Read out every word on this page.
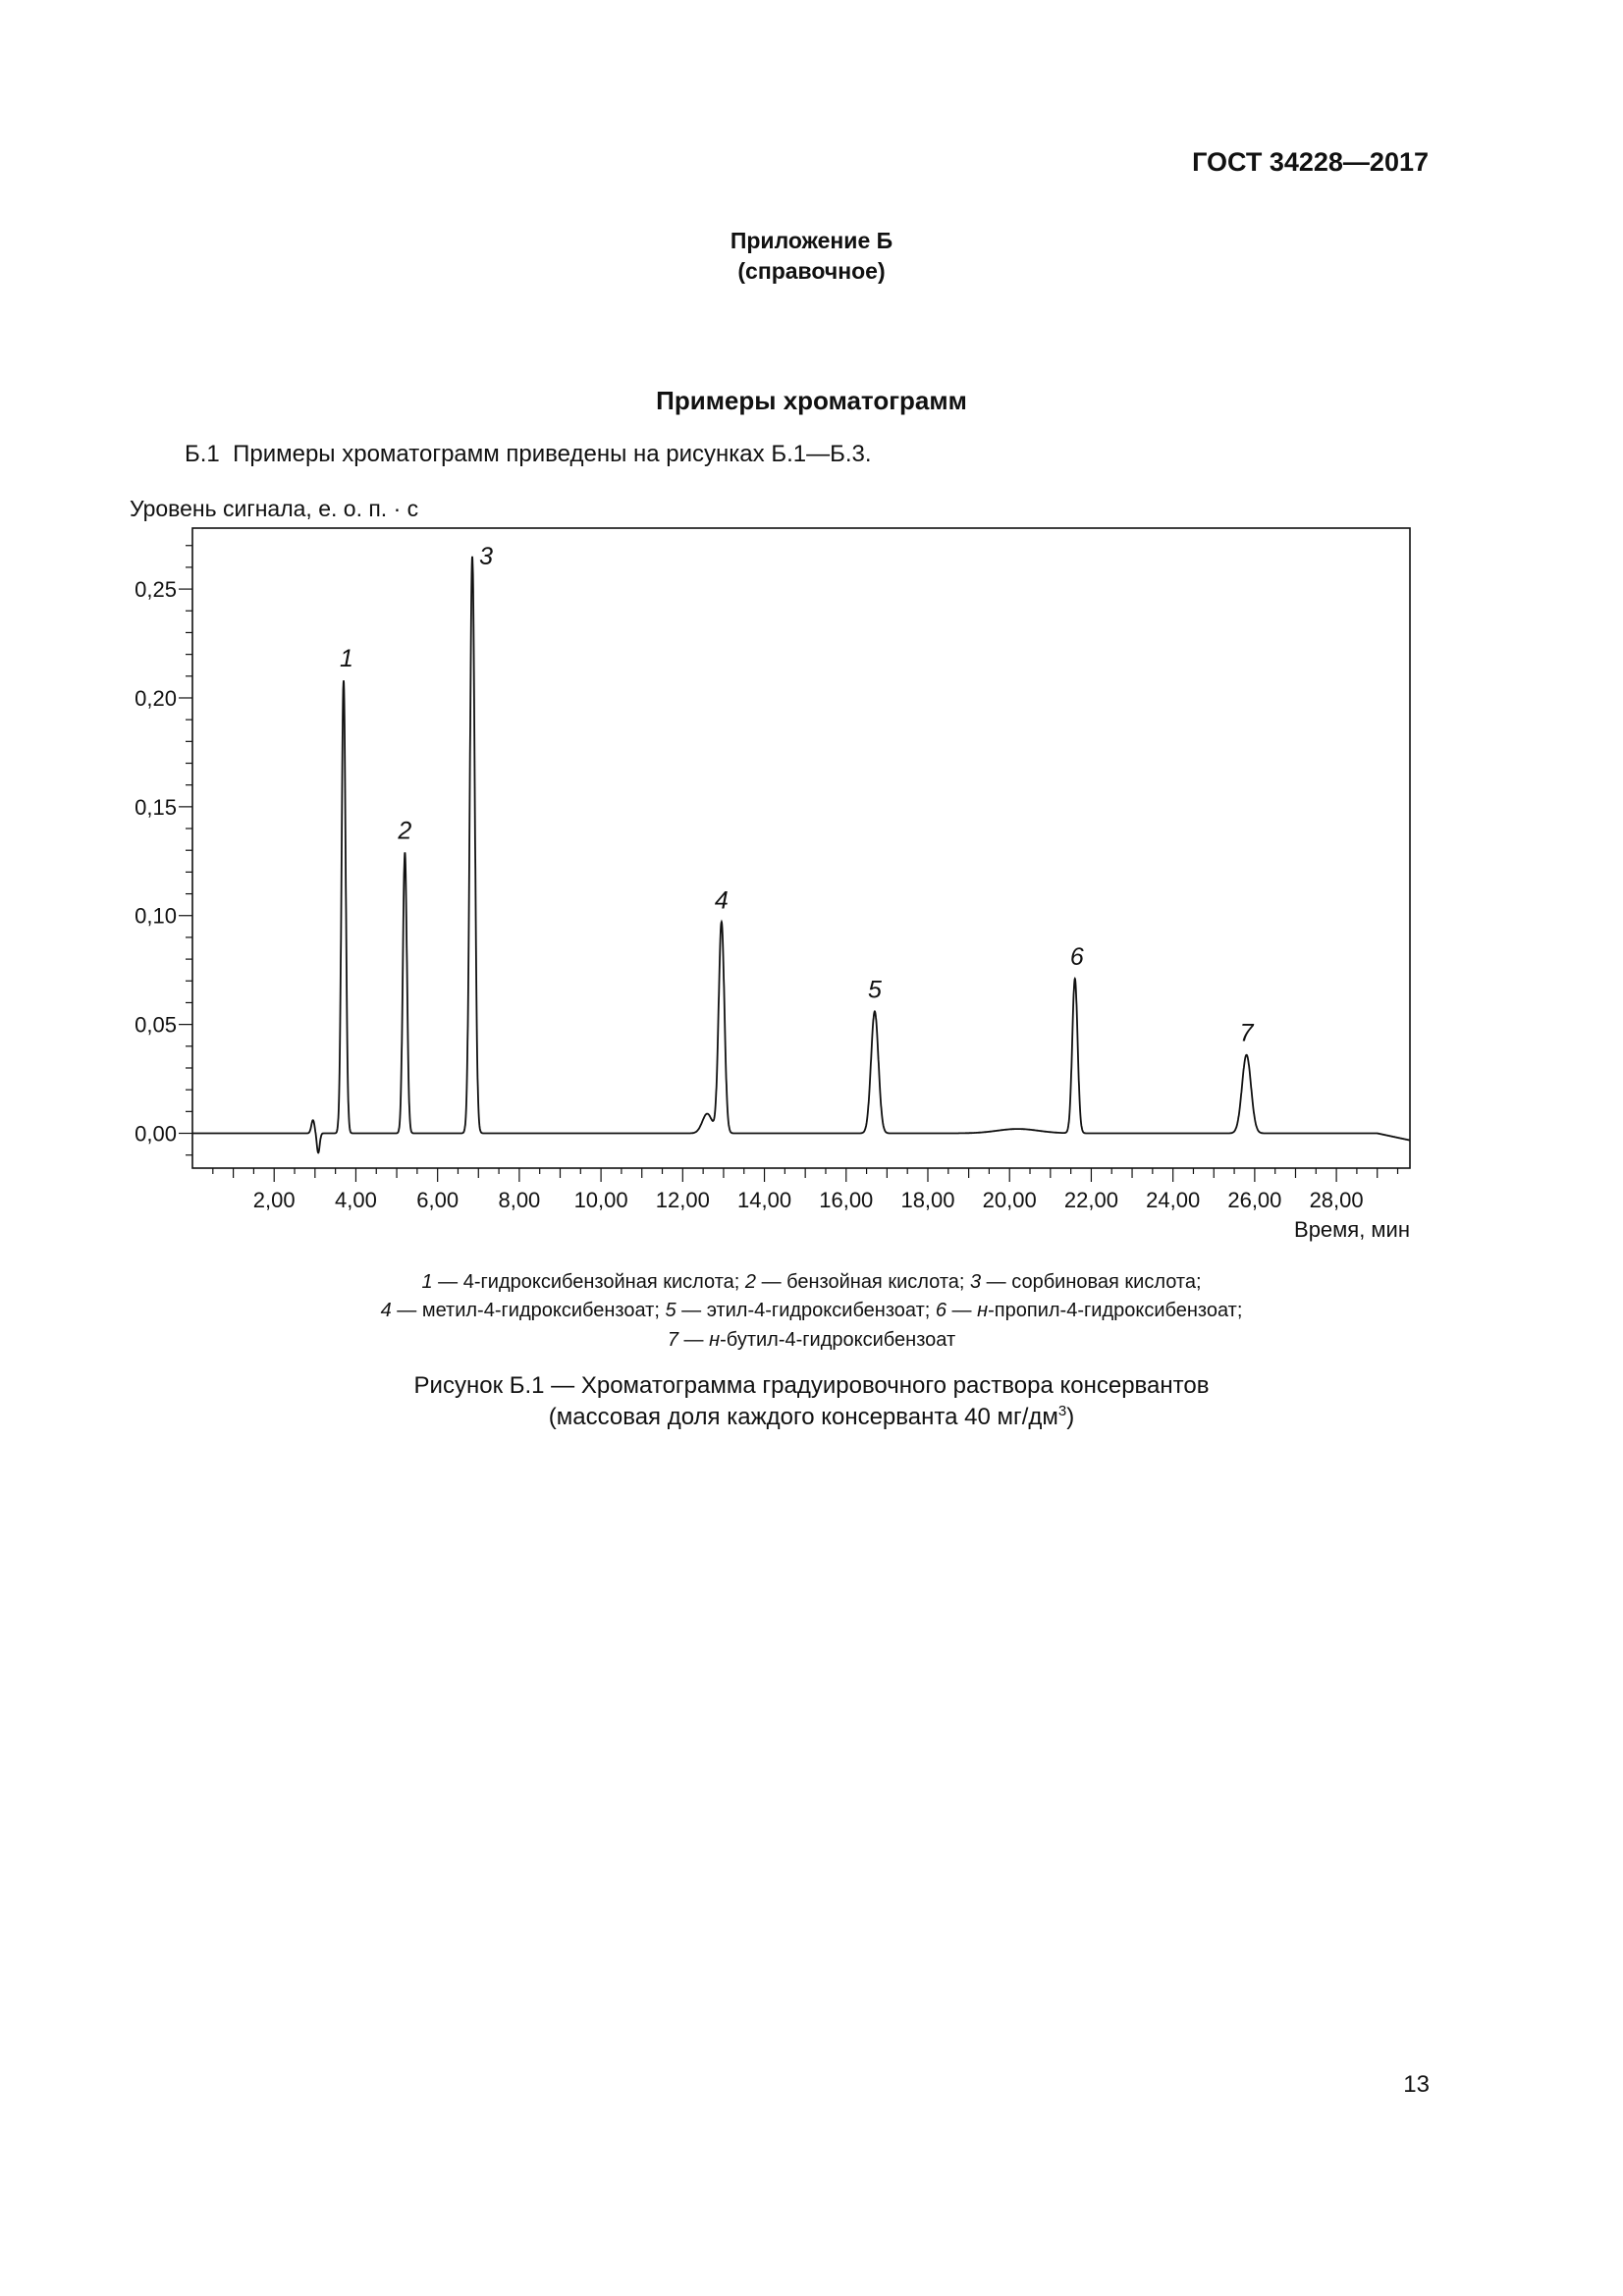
ГОСТ 34228—2017
Приложение Б
(справочное)
Примеры хроматограмм
Б.1 Примеры хроматограмм приведены на рисунках Б.1—Б.3.
Уровень сигнала, е. о. п. · с
0,00
0,05
0,10
0,15
0,20
0,25
2,00 4,00 6,00 8,00 10,00 12,00 14,00 16,00 18,00 20,00 22,00 24,00 26,00 28,00
Время, мин
1
2
3
4
5
6
7
1 — 4-гидроксибензойная кислота; 2 — бензойная кислота; 3 — сорбиновая кислота;
4 — метил-4-гидроксибензоат; 5 — этил-4-гидроксибензоат; 6 — н-пропил-4-гидроксибензоат;
7 — н-бутил-4-гидроксибензоат
Рисунок Б.1 — Хроматограмма градуировочного раствора консервантов
(массовая доля каждого консерванта 40 $мг/дм^3$)
13
